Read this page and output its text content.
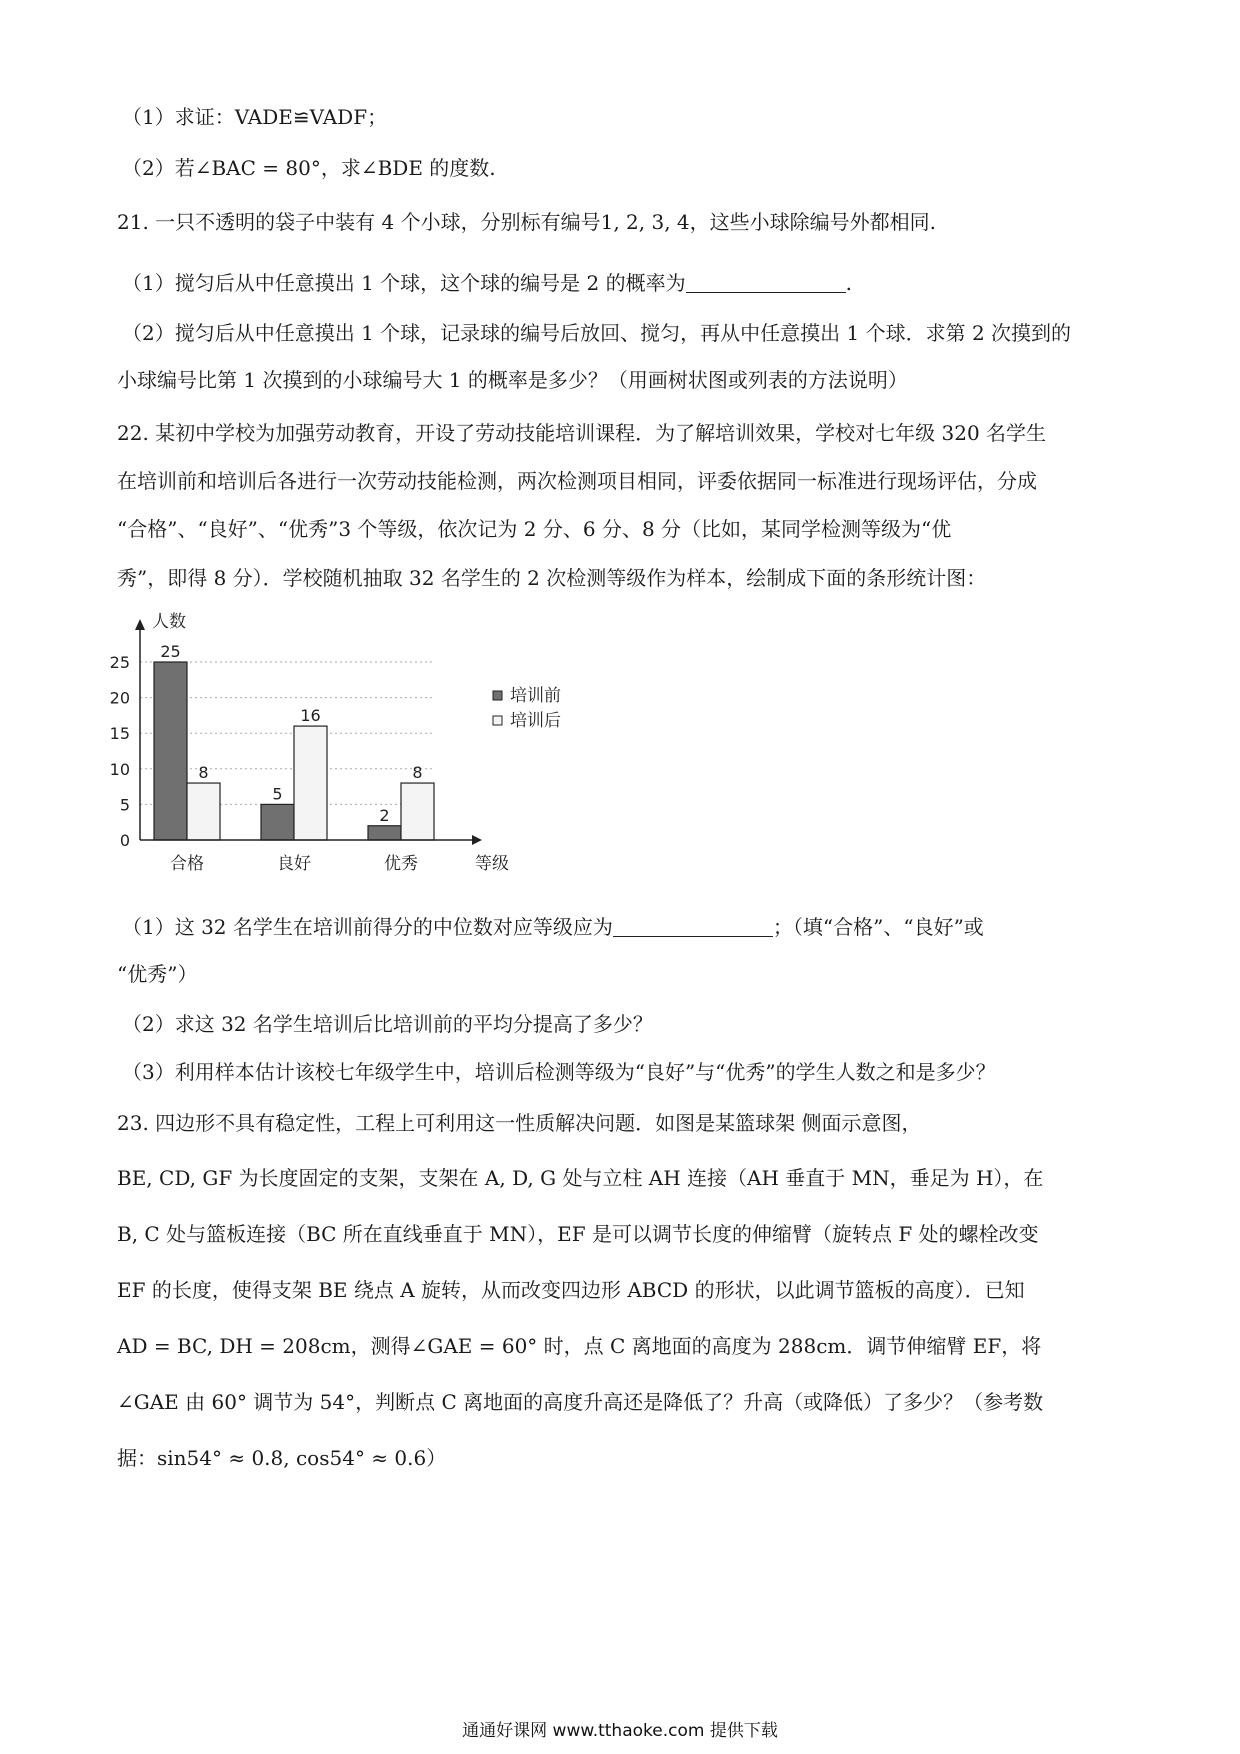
（1）求证：VADE≌VADF；
（2）若∠BAC = 80°，求∠BDE 的度数.
21. 一只不透明的袋子中装有 4 个小球，分别标有编号1, 2, 3, 4，这些小球除编号外都相同.
（1）搅匀后从中任意摸出 1 个球，这个球的编号是 2 的概率为	.
（2）搅匀后从中任意摸出 1 个球，记录球的编号后放回、搅匀，再从中任意摸出 1 个球．求第 2 次摸到的
小球编号比第 1 次摸到的小球编号大 1 的概率是多少？（用画树状图或列表的方法说明）
22. 某初中学校为加强劳动教育，开设了劳动技能培训课程．为了解培训效果，学校对七年级 320 名学生
在培训前和培训后各进行一次劳动技能检测，两次检测项目相同，评委依据同一标准进行现场评估，分成
“合格”、“良好”、“优秀”3 个等级，依次记为 2 分、6 分、8 分（比如，某同学检测等级为“优
秀”，即得 8 分）．学校随机抽取 32 名学生的 2 次检测等级作为样本，绘制成下面的条形统计图：
0
5
10
15
20
25
合格	良好	优秀
25
8
5
16
2
8
人数
等级
培训前
培训后
（1）这 32 名学生在培训前得分的中位数对应等级应为	；（填“合格”、“良好”或
“优秀”）
（2）求这 32 名学生培训后比培训前的平均分提高了多少？
（3）利用样本估计该校七年级学生中，培训后检测等级为“良好”与“优秀”的学生人数之和是多少？
23. 四边形不具有稳定性，工程上可利用这一性质解决问题．如图是某篮球架 侧面示意图，
BE, CD, GF 为长度固定的支架，支架在 A, D, G 处与立柱 AH 连接（AH 垂直于 MN，垂足为 H），在
B, C 处与篮板连接（BC 所在直线垂直于 MN），EF 是可以调节长度的伸缩臂（旋转点 F 处的螺栓改变
EF 的长度，使得支架 BE 绕点 A 旋转，从而改变四边形 ABCD 的形状，以此调节篮板的高度）．已知
AD = BC, DH = 208cm，测得∠GAE = 60° 时，点 C 离地面的高度为 288cm．调节伸缩臂 EF，将
∠GAE 由 60° 调节为 54°，判断点 C 离地面的高度升高还是降低了？升高（或降低）了多少？（参考数
据：sin54° ≈ 0.8, cos54° ≈ 0.6）
通通好课网 www.tthaoke.com 提供下载
